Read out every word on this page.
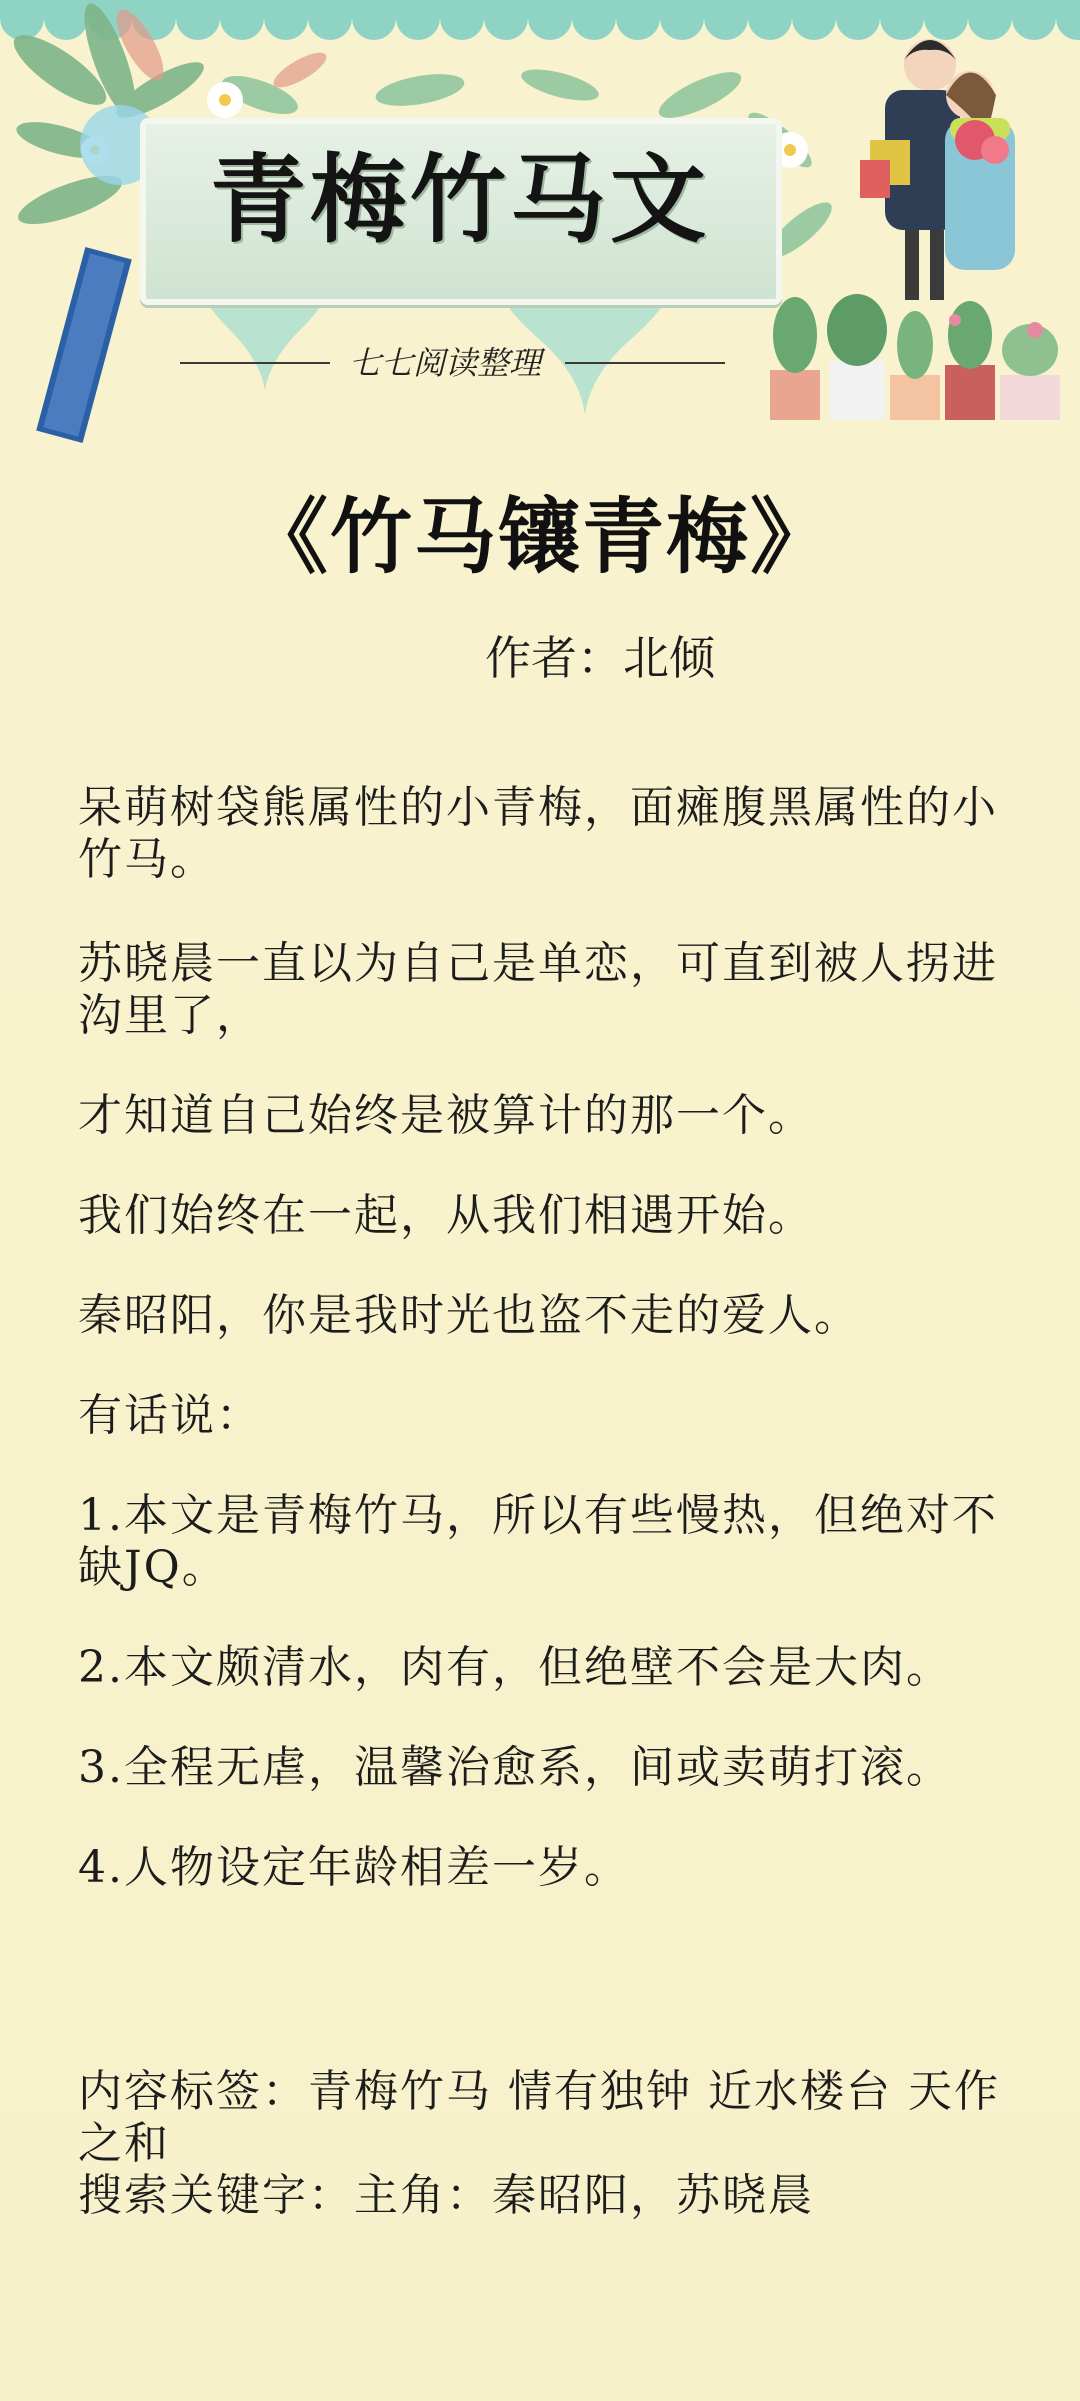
青梅竹马文
七七阅读整理
《竹马镶青梅》
作者：北倾

呆萌树袋熊属性的小青梅，面瘫腹黑属性的小竹马。

苏晓晨一直以为自己是单恋，可直到被人拐进沟里了，

才知道自己始终是被算计的那一个。

我们始终在一起，从我们相遇开始。

秦昭阳，你是我时光也盗不走的爱人。

有话说：

1.本文是青梅竹马，所以有些慢热，但绝对不缺JQ。

2.本文颇清水，肉有，但绝壁不会是大肉。

3.全程无虐，温馨治愈系，间或卖萌打滚。

4.人物设定年龄相差一岁。

内容标签：青梅竹马 情有独钟 近水楼台 天作之和
搜索关键字：主角：秦昭阳，苏晓晨
